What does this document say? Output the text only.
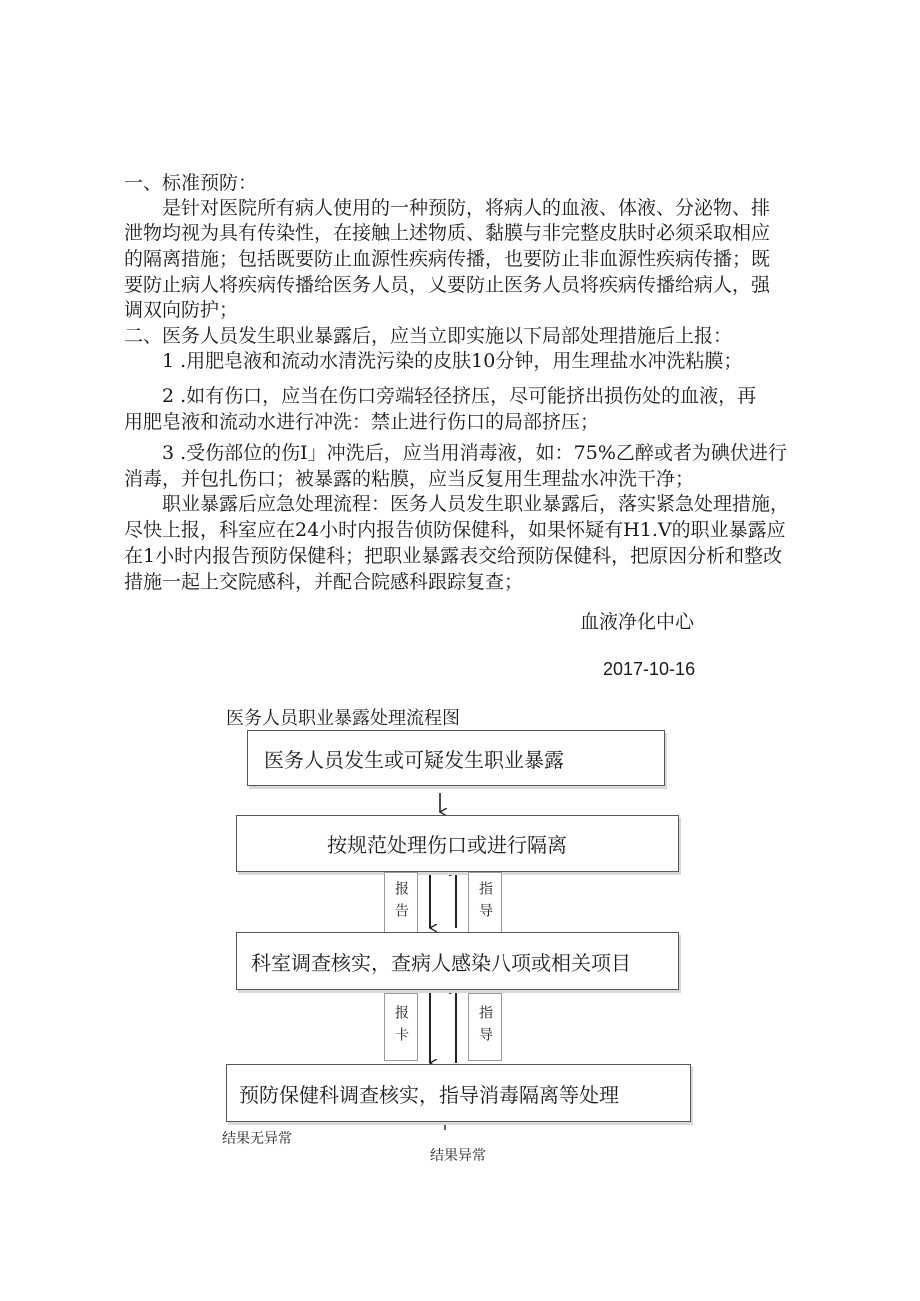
一、标准预防：
　　是针对医院所有病人使用的一种预防，将病人的血液、体液、分泌物、排
泄物均视为具有传染性，在接触上述物质、黏膜与非完整皮肤时必须采取相应
的隔离措施；包括既要防止血源性疾病传播，也要防止非血源性疾病传播；既
要防止病人将疾病传播给医务人员，乂要防止医务人员将疾病传播给病人，强
调双向防护；
二、医务人员发生职业暴露后，应当立即实施以下局部处理措施后上报：
　　1 .用肥皂液和流动水清洗污染的皮肤10分钟，用生理盐水冲洗粘膜；
　　2 .如有伤口，应当在伤口旁端轻径挤压，尽可能挤出损伤处的血液，再
用肥皂液和流动水进行冲洗：禁止进行伤口的局部挤压；
　　3 .受伤部位的伤I」冲洗后，应当用消毒液，如：75%乙醉或者为碘伏进行
消毒，并包扎伤口；被暴露的粘膜，应当反复用生理盐水冲洗干净；
　　职业暴露后应急处理流程：医务人员发生职业暴露后，落实紧急处理措施，
尽快上报，科室应在24小时内报告侦防保健科，如果怀疑有H1.V的职业暴露应
在1小时内报告预防保健科；把职业暴露表交给预防保健科，把原因分析和整改
措施一起上交院感科，并配合院感科跟踪复查；
血液净化中心
2017-10-16
医务人员职业暴露处理流程图
医务人员发生或可疑发生职业暴露
按规范处理伤口或进行隔离
报告	指导
科室调查核实，查病人感染八项或相关项目
报卡	指导
预防保健科调查核实，指导消毒隔离等处理
结果无异常
结果异常
